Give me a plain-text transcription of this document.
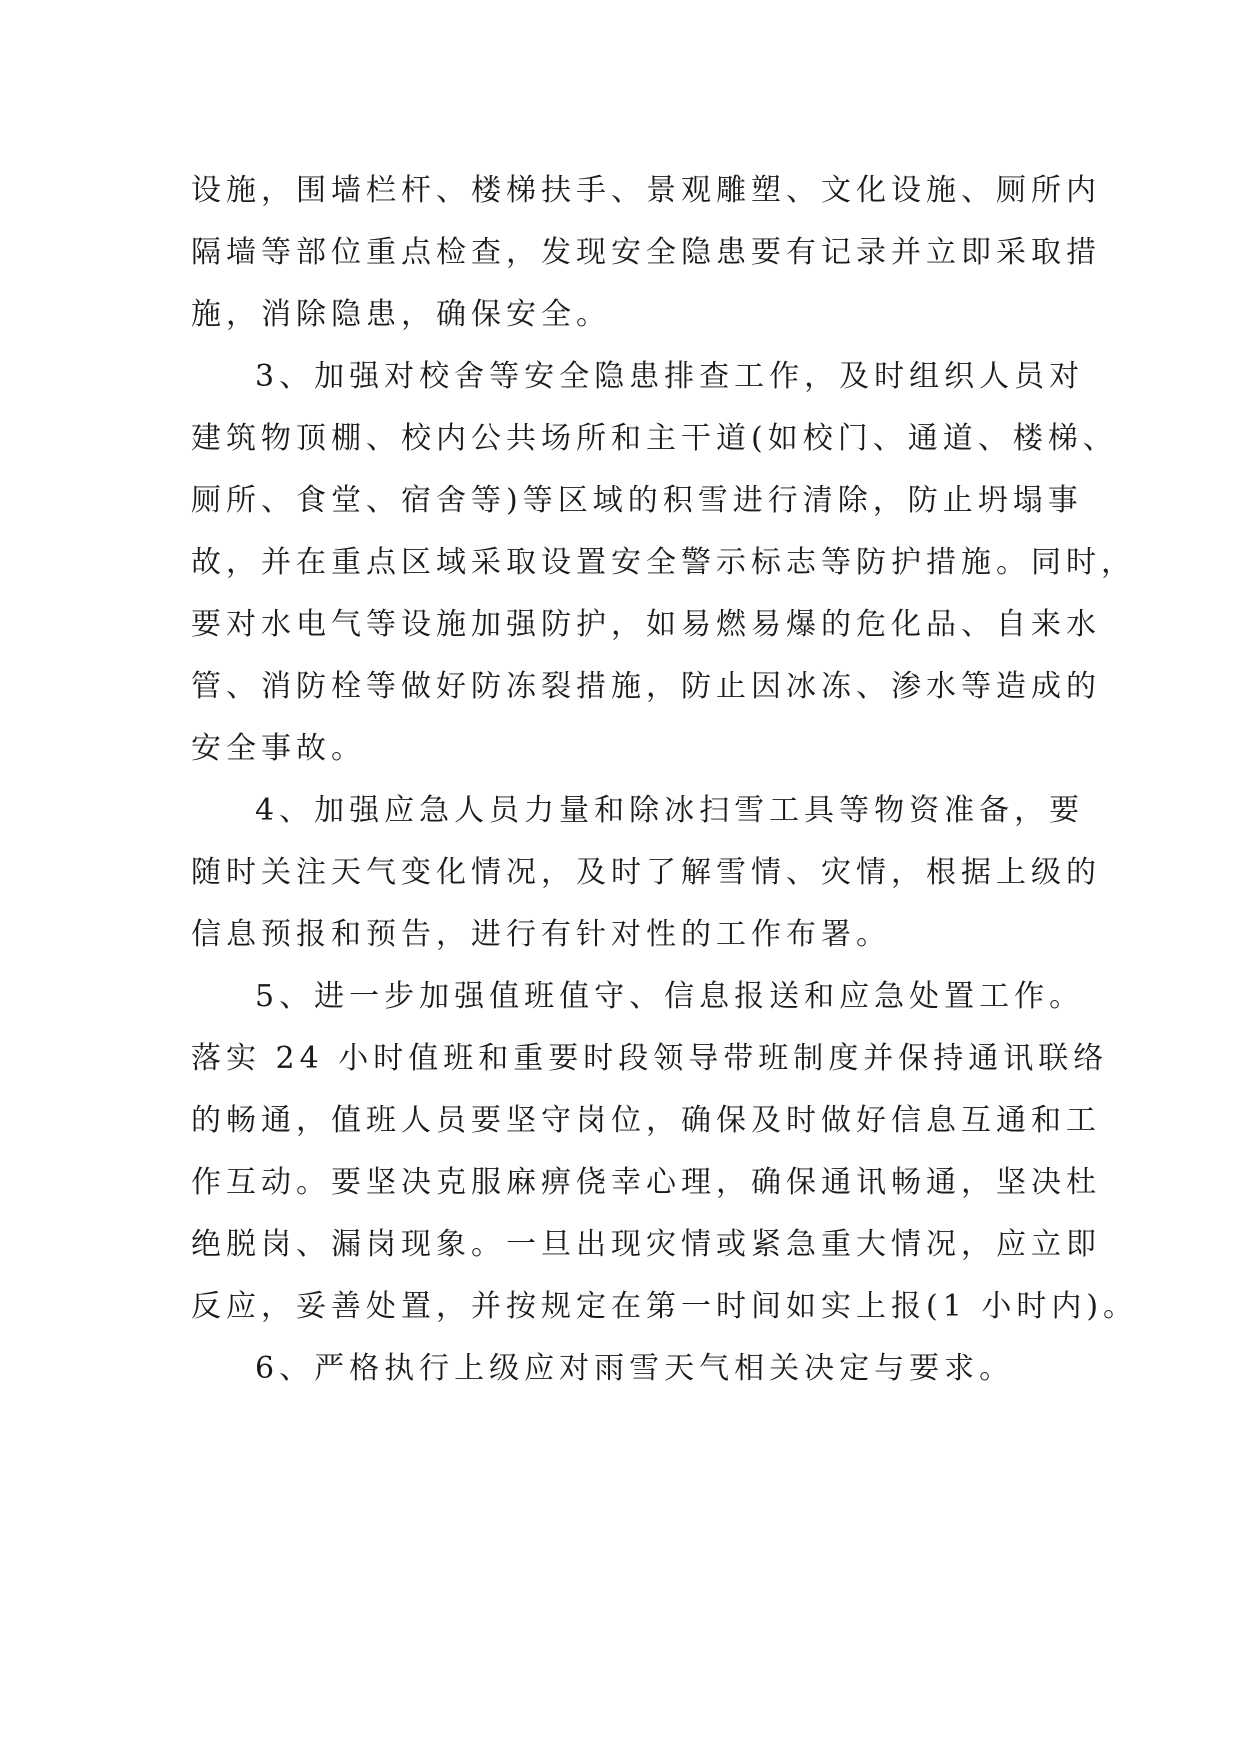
设施，围墙栏杆、楼梯扶手、景观雕塑、文化设施、厕所内
隔墙等部位重点检查，发现安全隐患要有记录并立即采取措
施，消除隐患，确保安全。
3、加强对校舍等安全隐患排查工作，及时组织人员对
建筑物顶棚、校内公共场所和主干道(如校门、通道、楼梯、
厕所、食堂、宿舍等)等区域的积雪进行清除，防止坍塌事
故，并在重点区域采取设置安全警示标志等防护措施。同时，
要对水电气等设施加强防护，如易燃易爆的危化品、自来水
管、消防栓等做好防冻裂措施，防止因冰冻、渗水等造成的
安全事故。
4、加强应急人员力量和除冰扫雪工具等物资准备，要
随时关注天气变化情况，及时了解雪情、灾情，根据上级的
信息预报和预告，进行有针对性的工作布署。
5、进一步加强值班值守、信息报送和应急处置工作。
落实 24 小时值班和重要时段领导带班制度并保持通讯联络
的畅通，值班人员要坚守岗位，确保及时做好信息互通和工
作互动。要坚决克服麻痹侥幸心理，确保通讯畅通，坚决杜
绝脱岗、漏岗现象。一旦出现灾情或紧急重大情况，应立即
反应，妥善处置，并按规定在第一时间如实上报(1 小时内)。
6、严格执行上级应对雨雪天气相关决定与要求。
